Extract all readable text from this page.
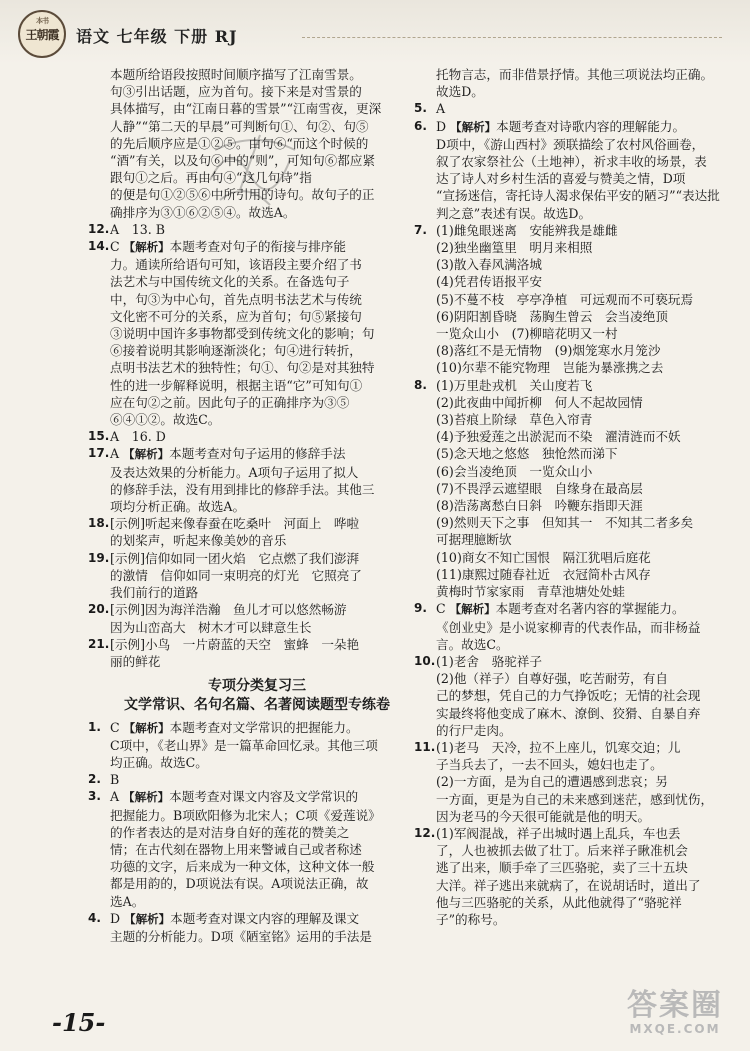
本书
王朝霞 语文 七年级 下册 RJ

本题所给语段按照时间顺序描写了江南雪景。

句③引出话题，应为首句。接下来是对雪景的

具体描写，由“江南日暮的雪景”“江南雪夜，更深

人静”“第二天的早晨”可判断句①、句②、句⑤

的先后顺序应是①②⑤。由句⑥“而这个时候的

“酒”有关，以及句⑥中的“则”，可知句⑥都应紧

跟句①之后。再由句④“这几句诗”指

的便是句①②⑤⑥中所引用的诗句。故句子的正

确排序为③①⑥②⑤④。故选A。

12. A　13. B

14. C 【解析】本题考查对句子的衔接与排序能

力。通读所给语句可知，该语段主要介绍了书

法艺术与中国传统文化的关系。在备选句子

中，句③为中心句，首先点明书法艺术与传统

文化密不可分的关系，应为首句；句⑤紧接句

③说明中国许多事物都受到传统文化的影响；句

⑥接着说明其影响逐渐淡化；句④进行转折，

点明书法艺术的独特性；句①、句②是对其独特

性的进一步解释说明，根据主语“它”可知句①

应在句②之前。因此句子的正确排序为③⑤

⑥④①②。故选C。

15. A　16. D

17. A 【解析】本题考查对句子运用的修辞手法

及表达效果的分析能力。A项句子运用了拟人

的修辞手法，没有用到排比的修辞手法。其他三

项均分析正确。故选A。

18. [示例]听起来像春蚕在吃桑叶　河面上　哗啦

的划桨声，听起来像美妙的音乐

19. [示例]信仰如同一团火焰　它点燃了我们澎湃

的激情　信仰如同一束明亮的灯光　它照亮了

我们前行的道路

20. [示例]因为海洋浩瀚　鱼儿才可以悠然畅游

因为山峦高大　树木才可以肆意生长

21. [示例]小鸟　一片蔚蓝的天空　蜜蜂　一朵艳

丽的鲜花

专项分类复习三
文学常识、名句名篇、名著阅读题型专练卷
1. C 【解析】本题考查对文学常识的把握能力。

C项中，《老山界》是一篇革命回忆录。其他三项

均正确。故选C。

2. B

3. A 【解析】本题考查对课文内容及文学常识的

把握能力。B项欧阳修为北宋人；C项《爱莲说》

的作者表达的是对洁身自好的莲花的赞美之

情；在古代刻在器物上用来警诫自己或者称述

功德的文字，后来成为一种文体，这种文体一般

都是用韵的，D项说法有误。A项说法正确，故

选A。

4. D 【解析】本题考查对课文内容的理解及课文

主题的分析能力。D项《陋室铭》运用的手法是

托物言志，而非借景抒情。其他三项说法均正确。

故选D。

5. A

6. D 【解析】本题考查对诗歌内容的理解能力。

D项中，《游山西村》颈联描绘了农村风俗画卷，

叙了农家祭社公（土地神），祈求丰收的场景，表

达了诗人对乡村生活的喜爱与赞美之情，D项

“宣扬迷信，寄托诗人渴求保佑平安的陋习”“表达批

判之意”表述有误。故选D。

7. (1)雌兔眼迷离　安能辨我是雄雌

(2)独坐幽篁里　明月来相照

(3)散入春风满洛城

(4)凭君传语报平安

(5)不蔓不枝　亭亭净植　可远观而不可亵玩焉

(6)阴阳割昏晓　荡胸生曾云　会当凌绝顶

一览众山小　(7)柳暗花明又一村

(8)落红不是无情物　(9)烟笼寒水月笼沙

(10)尔辈不能究物理　岂能为暴涨携之去

8. (1)万里赴戎机　关山度若飞

(2)此夜曲中闻折柳　何人不起故园情

(3)苔痕上阶绿　草色入帘青

(4)予独爱莲之出淤泥而不染　濯清涟而不妖

(5)念天地之悠悠　独怆然而涕下

(6)会当凌绝顶　一览众山小

(7)不畏浮云遮望眼　自缘身在最高层

(8)浩荡离愁白日斜　吟鞭东指即天涯

(9)然则天下之事　但知其一　不知其二者多矣

可据理臆断欤

(10)商女不知亡国恨　隔江犹唱后庭花

(11)康熙过随春社近　衣冠简朴古风存

黄梅时节家家雨　青草池塘处处蛙

9. C 【解析】本题考查对名著内容的掌握能力。

《创业史》是小说家柳青的代表作品，而非杨益

言。故选C。

10. (1)老舍　骆驼祥子

(2)他（祥子）自尊好强，吃苦耐劳，有自

己的梦想，凭自己的力气挣饭吃；无情的社会现

实最终将他变成了麻木、潦倒、狡猾、自暴自弃

的行尸走肉。

11. (1)老马　天冷，拉不上座儿，饥寒交迫；儿

子当兵去了，一去不回头，媳妇也走了。

(2)一方面，是为自己的遭遇感到悲哀；另

一方面，更是为自己的未来感到迷茫，感到忧伤，

因为老马的今天很可能就是他的明天。

12. (1)军阀混战，祥子出城时遇上乱兵，车也丢

了，人也被抓去做了壮丁。后来祥子瞅准机会

逃了出来，顺手牵了三匹骆驼，卖了三十五块

大洋。祥子逃出来就病了，在说胡话时，道出了

他与三匹骆驼的关系，从此他就得了“骆驼祥

子”的称号。

-15-	答案圈
MXQE.COM
